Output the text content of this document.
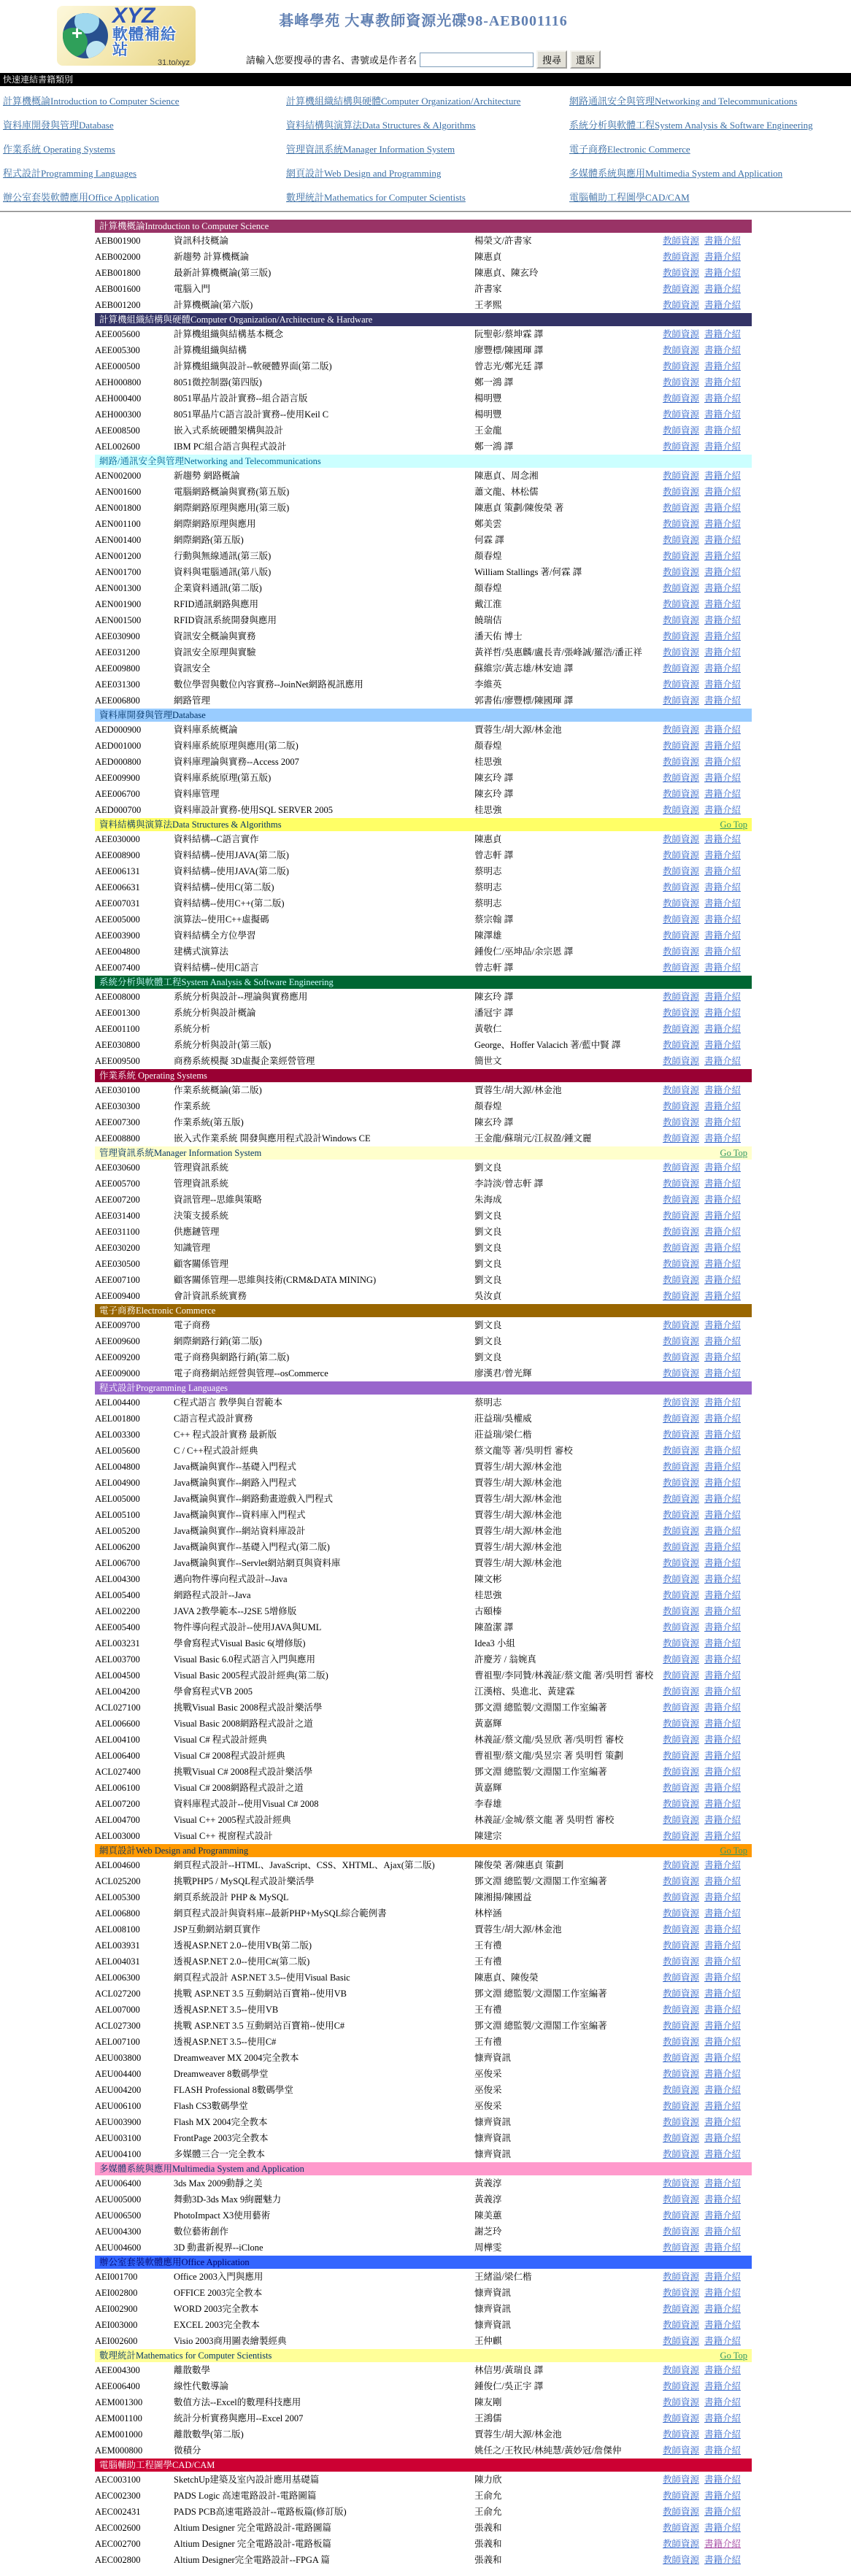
+
XYZ
軟體補給站
31.to/xyz
碁峰學苑 大專教師資源光碟98-AEB001116
請輸入您要搜尋的書名、書號或是作者名	搜尋	還原
快速連結書籍類別
計算機概論Introduction to Computer Science	計算機組織結構與硬體Computer Organization/Architecture	網路通訊安全與管理Networking and Telecommunications
資料庫開發與管理Database	資料結構與演算法Data Structures & Algorithms	系統分析與軟體工程System Analysis & Software Engineering
作業系統 Operating Systems	管理資訊系統Manager Information System	電子商務Electronic Commerce
程式設計Programming Languages	網頁設計Web Design and Programming	多媒體系統與應用Multimedia System and Application
辦公室套裝軟體應用Office Application	數理統計Mathematics for Computer Scientists	電腦輔助工程圖學CAD/CAM
計算機概論Introduction to Computer Science
AEB001900	資訊科技概論	楊榮文/許書家	教師資源 書籍介紹
AEB002000	新趨勢 計算機概論	陳惠貞	教師資源 書籍介紹
AEB001800	最新計算機概論(第三版)	陳惠貞、陳玄玲	教師資源 書籍介紹
AEB001600	電腦入門	許書家	教師資源 書籍介紹
AEB001200	計算機概論(第六版)	王孝熙	教師資源 書籍介紹
計算機組織結構與硬體Computer Organization/Architecture & Hardware
AEE005600	計算機組織與結構基本概念	阮聖彰/蔡坤霖 譯	教師資源 書籍介紹
AEE005300	計算機組織與結構	廖豐標/陳國琿 譯	教師資源 書籍介紹
AEE000500	計算機組織與設計--軟硬體界面(第二版)	曾志光/鄭光廷 譯	教師資源 書籍介紹
AEH000800	8051微控制器(第四版)	鄭一鴻 譯	教師資源 書籍介紹
AEH000400	8051單晶片設計實務--組合語言版	楊明豐	教師資源 書籍介紹
AEH000300	8051單晶片C語言設計實務--使用Keil C	楊明豐	教師資源 書籍介紹
AEE008500	嵌入式系統硬體架構與設計	王金龍	教師資源 書籍介紹
AEL002600	IBM PC組合語言與程式設計	鄭一鴻 譯	教師資源 書籍介紹
網路/通訊安全與管理Networking and Telecommunications
AEN002000	新趨勢 網路概論	陳惠貞、周念湘	教師資源 書籍介紹
AEN001600	電腦網路概論與實務(第五版)	蕭文龍、林松儒	教師資源 書籍介紹
AEN001800	網際網路原理與應用(第三版)	陳惠貞 策劃/陳俊榮 著	教師資源 書籍介紹
AEN001100	網際網路原理與應用	鄭美雲	教師資源 書籍介紹
AEN001400	網際網路(第五版)	何霖 譯	教師資源 書籍介紹
AEN001200	行動與無線通訊(第三版)	顏春煌	教師資源 書籍介紹
AEN001700	資料與電腦通訊(第八版)	William Stallings 著/何霖 譯	教師資源 書籍介紹
AEN001300	企業資料通訊(第二版)	顏春煌	教師資源 書籍介紹
AEN001900	RFID通訊網路與應用	戴江淮	教師資源 書籍介紹
AEN001500	RFID資訊系統開發與應用	饒瑞佶	教師資源 書籍介紹
AEE030900	資訊安全概論與實務	潘天佑 博士	教師資源 書籍介紹
AEE031200	資訊安全原理與實驗	黃祥哲/吳惠麟/盧長青/張峰誠/羅浩/潘正祥	教師資源 書籍介紹
AEE009800	資訊安全	蘇維宗/黃志雄/林安迪 譯	教師資源 書籍介紹
AEE031300	數位學習與數位內容實務--JoinNet網路視訊應用	李維英	教師資源 書籍介紹
AEE006800	網路管理	郭書佑/廖豐標/陳國琿 譯	教師資源 書籍介紹
資料庫開發與管理Database
AED000900	資料庫系統概論	賈蓉生/胡大源/林金池	教師資源 書籍介紹
AED001000	資料庫系統原理與應用(第二版)	顏春煌	教師資源 書籍介紹
AED000800	資料庫理論與實務--Access 2007	桂思強	教師資源 書籍介紹
AEE009900	資料庫系統原理(第五版)	陳玄玲 譯	教師資源 書籍介紹
AEE006700	資料庫管理	陳玄玲 譯	教師資源 書籍介紹
AED000700	資料庫設計實務-使用SQL SERVER 2005	桂思強	教師資源 書籍介紹
資料結構與演算法Data Structures & Algorithms	Go Top
AEE030000	資料結構--C語言實作	陳惠貞	教師資源 書籍介紹
AEE008900	資料結構--使用JAVA(第二版)	曾志軒 譯	教師資源 書籍介紹
AEE006131	資料結構--使用JAVA(第二版)	蔡明志	教師資源 書籍介紹
AEE006631	資料結構--使用C(第二版)	蔡明志	教師資源 書籍介紹
AEE007031	資料結構--使用C++(第二版)	蔡明志	教師資源 書籍介紹
AEE005000	演算法--使用C++虛擬碼	蔡宗翰 譯	教師資源 書籍介紹
AEE003900	資料結構全方位學習	陳澤雄	教師資源 書籍介紹
AEE004800	建構式演算法	鍾俊仁/巫坤品/余宗恩 譯	教師資源 書籍介紹
AEE007400	資料結構--使用C語言	曾志軒 譯	教師資源 書籍介紹
系統分析與軟體工程System Analysis & Software Engineering
AEE008000	系統分析與設計--理論與實務應用	陳玄玲 譯	教師資源 書籍介紹
AEE001300	系統分析與設計概論	潘冠宇 譯	教師資源 書籍介紹
AEE001100	系統分析	黃敬仁	教師資源 書籍介紹
AEE030800	系統分析與設計(第三版)	George、Hoffer Valacich 著/藍中賢 譯	教師資源 書籍介紹
AEE009500	商務系統模擬 3D虛擬企業經營管理	簡世文	教師資源 書籍介紹
作業系統 Operating Systems
AEE030100	作業系統概論(第二版)	賈蓉生/胡大源/林金池	教師資源 書籍介紹
AEE030300	作業系統	顏春煌	教師資源 書籍介紹
AEE007300	作業系統(第五版)	陳玄玲 譯	教師資源 書籍介紹
AEE008800	嵌入式作業系統 開發與應用程式設計Windows CE	王金龍/蘇瑞元/江叔盈/鍾文麗	教師資源 書籍介紹
管理資訊系統Manager Information System	Go Top
AEE030600	管理資訊系統	劉文良	教師資源 書籍介紹
AEE005700	管理資訊系統	李詩淡/曾志軒 譯	教師資源 書籍介紹
AEE007200	資訊管理--思維與策略	朱海成	教師資源 書籍介紹
AEE031400	決策支援系統	劉文良	教師資源 書籍介紹
AEE031100	供應鏈管理	劉文良	教師資源 書籍介紹
AEE030200	知識管理	劉文良	教師資源 書籍介紹
AEE030500	顧客關係管理	劉文良	教師資源 書籍介紹
AEE007100	顧客關係管理—思維與技術(CRM&DATA MINING)	劉文良	教師資源 書籍介紹
AEE009400	會計資訊系統實務	吳汝貞	教師資源 書籍介紹
電子商務Electronic Commerce
AEE009700	電子商務	劉文良	教師資源 書籍介紹
AEE009600	網際網路行銷(第二版)	劉文良	教師資源 書籍介紹
AEE009200	電子商務與網路行銷(第二版)	劉文良	教師資源 書籍介紹
AEE009000	電子商務網站經營與管理--osCommerce	廖漢君/曾光輝	教師資源 書籍介紹
程式設計Programming Languages
AEL004400	C程式語言 教學與自習範本	蔡明志	教師資源 書籍介紹
AEL001800	C語言程式設計實務	莊益瑞/吳權威	教師資源 書籍介紹
AEL003300	C++ 程式設計實務 最新版	莊益瑞/梁仁楷	教師資源 書籍介紹
AEL005600	C / C++程式設計經典	蔡文龍等 著/吳明哲 審校	教師資源 書籍介紹
AEL004800	Java概論與實作--基礎入門程式	賈蓉生/胡大源/林金池	教師資源 書籍介紹
AEL004900	Java概論與實作--網路入門程式	賈蓉生/胡大源/林金池	教師資源 書籍介紹
AEL005000	Java概論與實作--網路動畫遊戲入門程式	賈蓉生/胡大源/林金池	教師資源 書籍介紹
AEL005100	Java概論與實作--資料庫入門程式	賈蓉生/胡大源/林金池	教師資源 書籍介紹
AEL005200	Java概論與實作--網站資料庫設計	賈蓉生/胡大源/林金池	教師資源 書籍介紹
AEL006200	Java概論與實作--基礎入門程式(第二版)	賈蓉生/胡大源/林金池	教師資源 書籍介紹
AEL006700	Java概論與實作--Servlet網站網頁與資料庫	賈蓉生/胡大源/林金池	教師資源 書籍介紹
AEL004300	邁向物件導向程式設計--Java	陳文彬	教師資源 書籍介紹
AEL005400	網路程式設計--Java	桂思強	教師資源 書籍介紹
AEL002200	JAVA 2教學範本--J2SE 5增修版	古頤榛	教師資源 書籍介紹
AEE005400	物件導向程式設計--使用JAVA與UML	陳盈潔 譯	教師資源 書籍介紹
AEL003231	學會寫程式Visual Basic 6(增修版)	Idea3 小組	教師資源 書籍介紹
AEL003700	Visual Basic 6.0程式語言入門與應用	許慶芳 / 翁婉真	教師資源 書籍介紹
AEL004500	Visual Basic 2005程式設計經典(第二版)	曹祖聖/李同贊/林義証/蔡文龍 著/吳明哲 審校	教師資源 書籍介紹
AEL004200	學會寫程式VB 2005	江漢榕、吳進北、黃建霖	教師資源 書籍介紹
ACL027100	挑戰Visual Basic 2008程式設計樂活學	鄧文淵 總監製/文淵閣工作室編著	教師資源 書籍介紹
AEL006600	Visual Basic 2008網路程式設計之道	黃嘉輝	教師資源 書籍介紹
AEL004100	Visual C# 程式設計經典	林義証/蔡文龍/吳昱欣 著/吳明哲 審校	教師資源 書籍介紹
AEL006400	Visual C# 2008程式設計經典	曹祖聖/蔡文龍/吳昱宗 著 吳明哲 策劃	教師資源 書籍介紹
ACL027400	挑戰Visual C# 2008程式設計樂活學	鄧文淵 總監製/文淵閣工作室編著	教師資源 書籍介紹
AEL006100	Visual C# 2008網路程式設計之道	黃嘉輝	教師資源 書籍介紹
AEL007200	資料庫程式設計--使用Visual C# 2008	李春雄	教師資源 書籍介紹
AEL004700	Visual C++ 2005程式設計經典	林義証/金城/蔡文龍 著 吳明哲 審校	教師資源 書籍介紹
AEL003000	Visual C++ 視窗程式設計	陳建宗	教師資源 書籍介紹
網頁設計Web Design and Programming	Go Top
AEL004600	網頁程式設計--HTML、JavaScript、CSS、XHTML、Ajax(第二版)	陳俊榮 著/陳惠貞 策劃	教師資源 書籍介紹
ACL025200	挑戰PHP5 / MySQL程式設計樂活學	鄧文淵 總監製/文淵閣工作室編著	教師資源 書籍介紹
AEL005300	網頁系統設計 PHP & MySQL	陳湘揚/陳國益	教師資源 書籍介紹
AEL006800	網頁程式設計與資料庫--最新PHP+MySQL綜合範例書	林梓涵	教師資源 書籍介紹
AEL008100	JSP互動網站網頁實作	賈蓉生/胡大源/林金池	教師資源 書籍介紹
AEL003931	透視ASP.NET 2.0--使用VB(第二版)	王有禮	教師資源 書籍介紹
AEL004031	透視ASP.NET 2.0--使用C#(第二版)	王有禮	教師資源 書籍介紹
AEL006300	網頁程式設計 ASP.NET 3.5--使用Visual Basic	陳惠貞、陳俊榮	教師資源 書籍介紹
ACL027200	挑戰 ASP.NET 3.5 互動網站百寶箱--使用VB	鄧文淵 總監製/文淵閣工作室編著	教師資源 書籍介紹
AEL007000	透視ASP.NET 3.5--使用VB	王有禮	教師資源 書籍介紹
ACL027300	挑戰 ASP.NET 3.5 互動網站百寶箱--使用C#	鄧文淵 總監製/文淵閣工作室編著	教師資源 書籍介紹
AEL007100	透視ASP.NET 3.5--使用C#	王有禮	教師資源 書籍介紹
AEU003800	Dreamweaver MX 2004完全教本	慷齊資訊	教師資源 書籍介紹
AEU004400	Dreamweaver 8數碼學堂	巫俊采	教師資源 書籍介紹
AEU004200	FLASH Professional 8數碼學堂	巫俊采	教師資源 書籍介紹
AEU006100	Flash CS3數碼學堂	巫俊采	教師資源 書籍介紹
AEU003900	Flash MX 2004完全教本	慷齊資訊	教師資源 書籍介紹
AEU003100	FrontPage 2003完全教本	慷齊資訊	教師資源 書籍介紹
AEU004100	多媒體三合一完全教本	慷齊資訊	教師資源 書籍介紹
多媒體系統與應用Multimedia System and Application
AEU006400	3ds Max 2009動靜之美	黃義淳	教師資源 書籍介紹
AEU005000	舞動3D-3ds Max 9絢麗魅力	黃義淳	教師資源 書籍介紹
AEU006500	PhotoImpact X3使用藝術	陳美蕙	教師資源 書籍介紹
AEU004300	數位藝術創作	謝芝玲	教師資源 書籍介紹
AEU004600	3D 動畫新視界--iClone	周樺雯	教師資源 書籍介紹
辦公室套裝軟體應用Office Application
AEI001700	Office 2003入門與應用	王緒溢/梁仁楷	教師資源 書籍介紹
AEI002800	OFFICE 2003完全教本	慷齊資訊	教師資源 書籍介紹
AEI002900	WORD 2003完全教本	慷齊資訊	教師資源 書籍介紹
AEI003000	EXCEL 2003完全教本	慷齊資訊	教師資源 書籍介紹
AEI002600	Visio 2003商用圖表繪製經典	王仲麒	教師資源 書籍介紹
數理統計Mathematics for Computer Scientists	Go Top
AEE004300	離散數學	林信男/黃瑞良 譯	教師資源 書籍介紹
AEE006400	線性代數導論	鍾俊仁/吳正宇 譯	教師資源 書籍介紹
AEM001300	數值方法--Excel的數理科技應用	陳友剛	教師資源 書籍介紹
AEM001100	統計分析實務與應用--Excel 2007	王鴻儒	教師資源 書籍介紹
AEM001000	離散數學(第二版)	賈蓉生/胡大源/林金池	教師資源 書籍介紹
AEM000800	微積分	姚任之/王牧民/林純慧/黃妙冠/詹傑仲	教師資源 書籍介紹
電腦輔助工程圖學CAD/CAM
AEC003100	SketchUp建築及室內設計應用基礎篇	陳力欣	教師資源 書籍介紹
AEC002300	PADS Logic 高速電路設計-電路圖篇	王俞允	教師資源 書籍介紹
AEC002431	PADS PCB高速電路設計--電路板篇(修訂版)	王俞允	教師資源 書籍介紹
AEC002600	Altium Designer 完全電路設計-電路圖篇	張義和	教師資源 書籍介紹
AEC002700	Altium Designer 完全電路設計-電路板篇	張義和	教師資源 書籍介紹
AEC002800	Altium Designer完全電路設計--FPGA 篇	張義和	教師資源 書籍介紹
